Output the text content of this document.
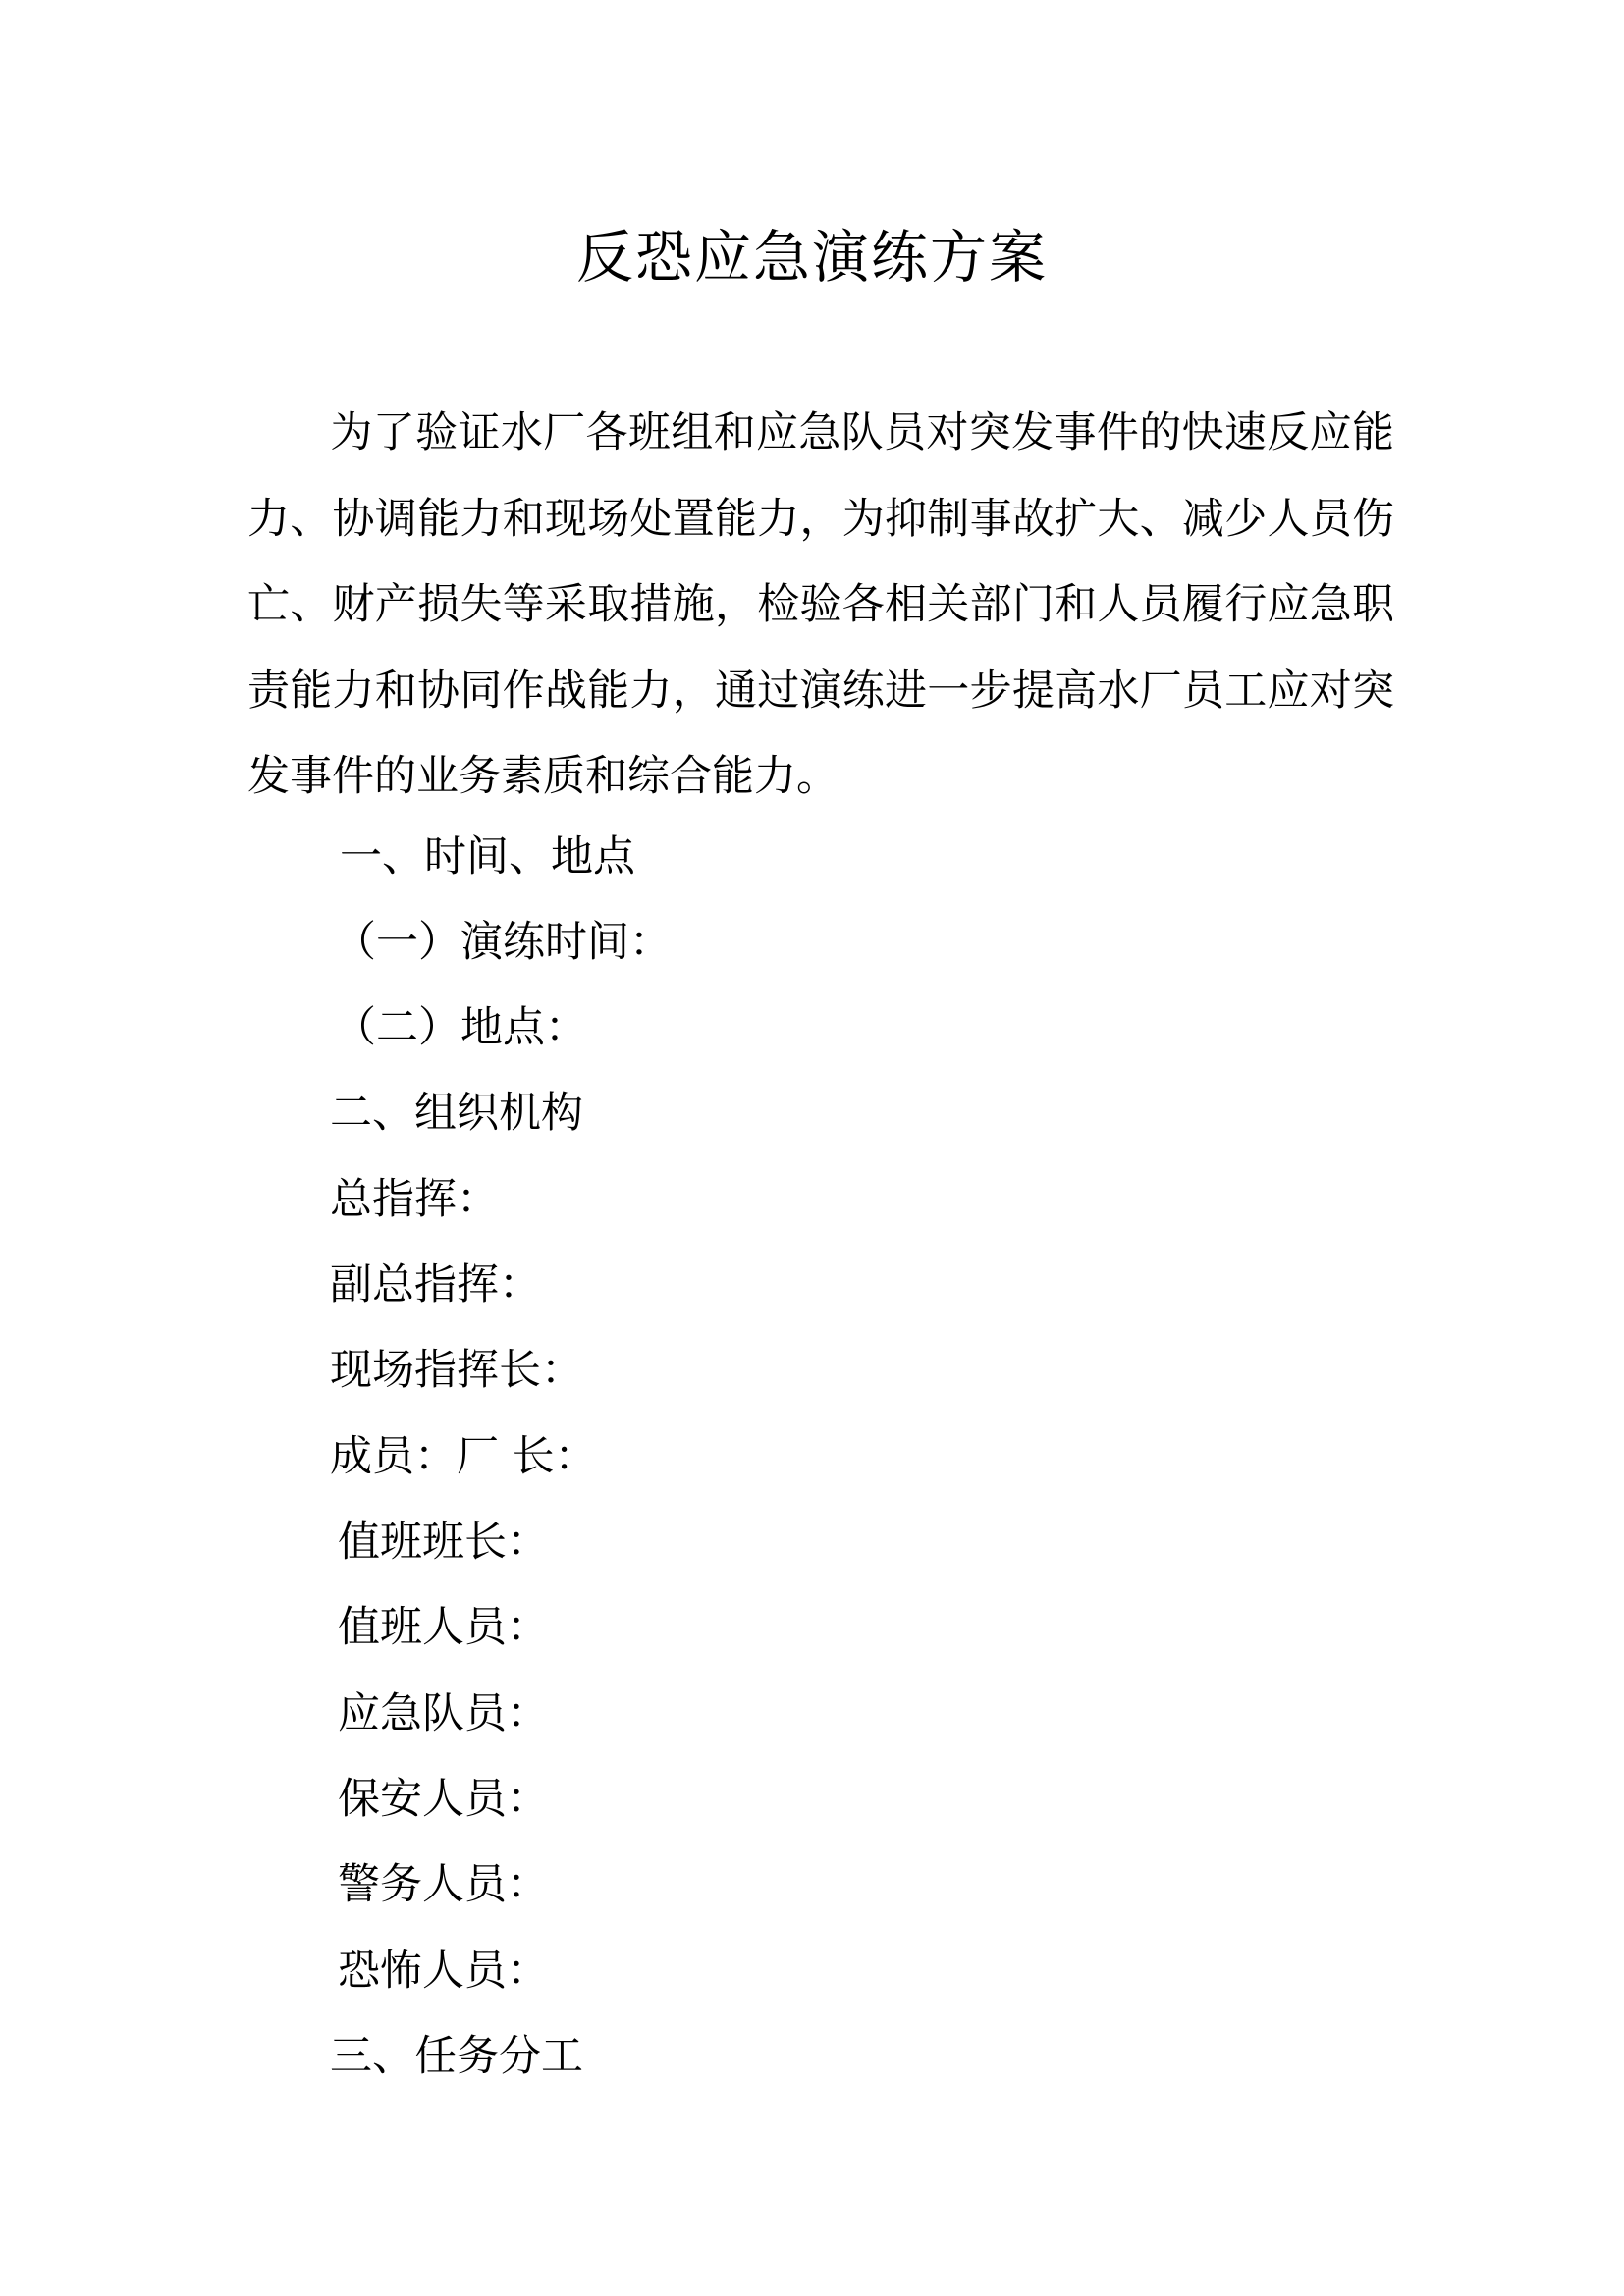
反恐应急演练方案

为了验证水厂各班组和应急队员对突发事件的快速反应能力、协调能力和现场处置能力，为抑制事故扩大、减少人员伤亡、财产损失等采取措施，检验各相关部门和人员履行应急职责能力和协同作战能力，通过演练进一步提高水厂员工应对突发事件的业务素质和综合能力。

一、时间、地点
（一）演练时间：
（二）地点：
二、组织机构
总指挥：
副总指挥：
现场指挥长：
成员：厂 长：
值班班长：
值班人员：
应急队员：
保安人员：
警务人员：
恐怖人员：
三、任务分工
